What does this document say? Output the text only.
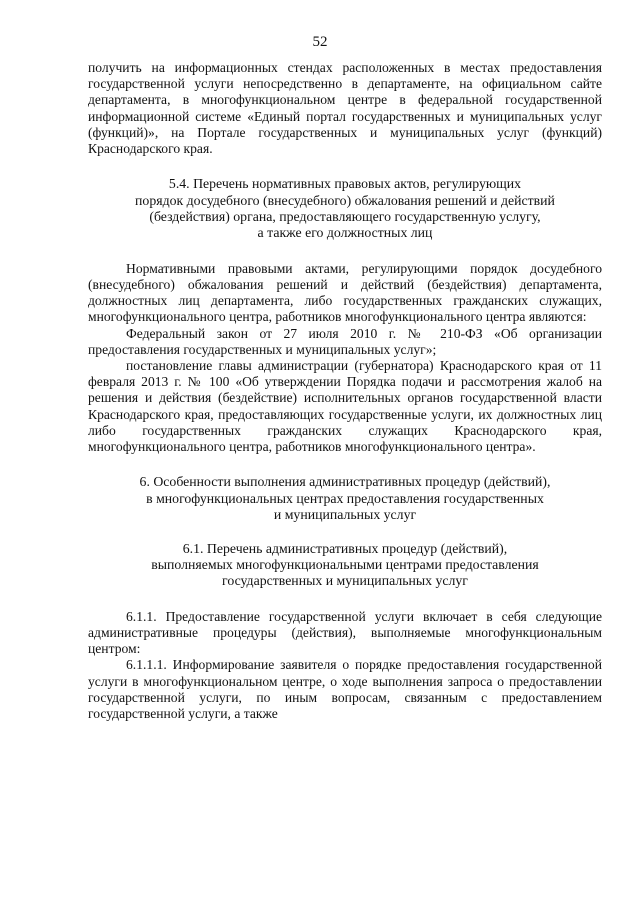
52

получить на информационных стендах расположенных в местах предоставления государственной услуги непосредственно в департаменте, на официальном сайте департамента, в многофункциональном центре в федеральной государственной информационной системе «Единый портал государственных и муниципальных услуг (функций)», на Портале государственных и муниципальных услуг (функций) Краснодарского края.

5.4. Перечень нормативных правовых актов, регулирующих
порядок досудебного (внесудебного) обжалования решений и действий
(бездействия) органа, предоставляющего государственную услугу,
а также его должностных лиц

Нормативными правовыми актами, регулирующими порядок досудебного (внесудебного) обжалования решений и действий (бездействия) департамента, должностных лиц департамента, либо государственных гражданских служащих, многофункционального центра, работников многофункционального центра являются:

Федеральный закон от 27 июля 2010 г. № 210-ФЗ «Об организации предоставления государственных и муниципальных услуг»;

постановление главы администрации (губернатора) Краснодарского края от 11 февраля 2013 г. № 100 «Об утверждении Порядка подачи и рассмотрения жалоб на решения и действия (бездействие) исполнительных органов государственной власти Краснодарского края, предоставляющих государственные услуги, их должностных лиц либо государственных гражданских служащих Краснодарского края, многофункционального центра, работников многофункционального центра».

6. Особенности выполнения административных процедур (действий),
в многофункциональных центрах предоставления государственных
и муниципальных услуг
6.1. Перечень административных процедур (действий),
выполняемых многофункциональными центрами предоставления
государственных и муниципальных услуг

6.1.1. Предоставление государственной услуги включает в себя следующие административные процедуры (действия), выполняемые многофункциональным центром:

6.1.1.1. Информирование заявителя о порядке предоставления государственной услуги в многофункциональном центре, о ходе выполнения запроса о предоставлении государственной услуги, по иным вопросам, связанным с предоставлением государственной услуги, а также
